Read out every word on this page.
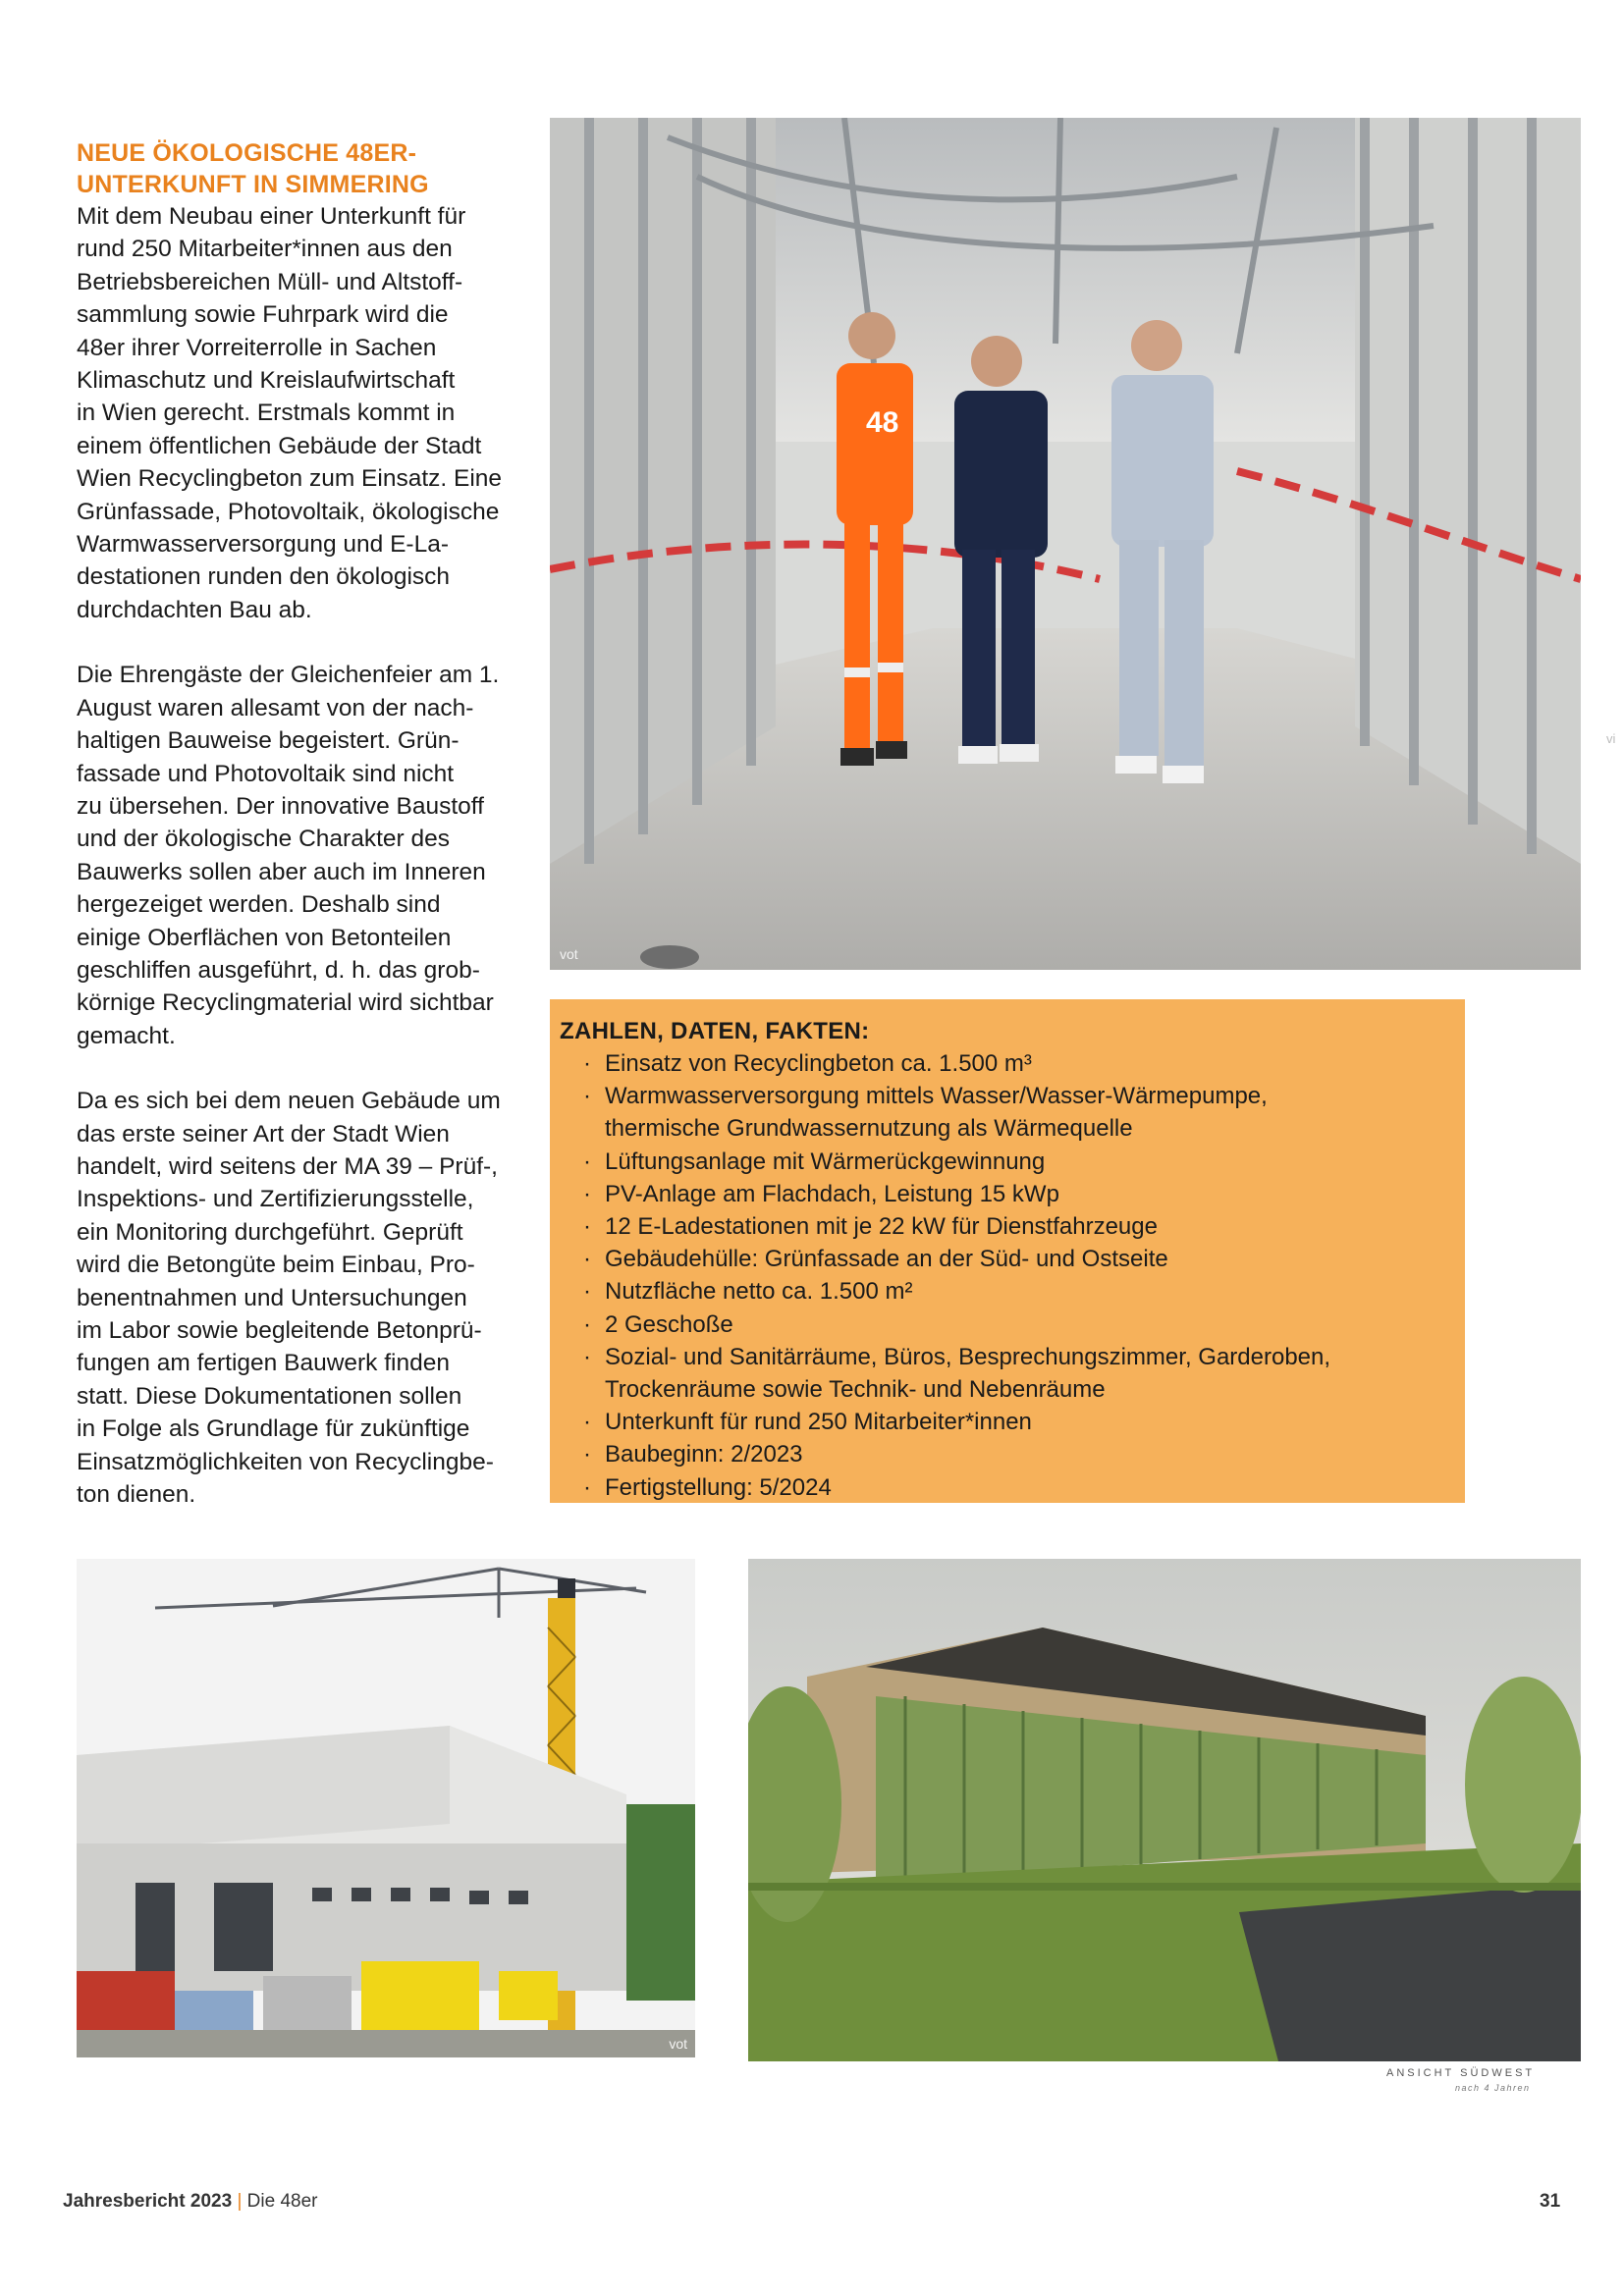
NEUE ÖKOLOGISCHE 48ER-

UNTERKUNFT IN SIMMERING

Mit dem Neubau einer Unterkunft für

rund 250 Mitarbeiter*innen aus den

Betriebsbereichen Müll- und Altstoff-

sammlung sowie Fuhrpark wird die

48er ihrer Vorreiterrolle in Sachen

Klimaschutz und Kreislaufwirtschaft

in Wien gerecht. Erstmals kommt in

einem öffentlichen Gebäude der Stadt

Wien Recyclingbeton zum Einsatz. Eine

Grünfassade, Photovoltaik, ökologische

Warmwasserversorgung und E-La-

destationen runden den ökologisch

durchdachten Bau ab.

Die Ehrengäste der Gleichenfeier am 1.

August waren allesamt von der nach-

haltigen Bauweise begeistert. Grün-

fassade und Photovoltaik sind nicht

zu übersehen. Der innovative Baustoff

und der ökologische Charakter des

Bauwerks sollen aber auch im Inneren

hergezeiget werden. Deshalb sind

einige Oberflächen von Betonteilen

geschliffen ausgeführt, d. h. das grob-

körnige Recyclingmaterial wird sichtbar

gemacht.

Da es sich bei dem neuen Gebäude um

das erste seiner Art der Stadt Wien

handelt, wird seitens der MA 39 – Prüf-,

Inspektions- und Zertifizierungsstelle,

ein Monitoring durchgeführt. Geprüft

wird die Betongüte beim Einbau, Pro-

benentnahmen und Untersuchungen

im Labor sowie begleitende Betonprü-

fungen am fertigen Bauwerk finden

statt. Diese Dokumentationen sollen

in Folge als Grundlage für zukünftige

Einsatzmöglichkeiten von Recyclingbe-

ton dienen.

48
vot
vi

ZAHLEN, DATEN, FAKTEN:

· Einsatz von Recyclingbeton ca. 1.500 m³
· Warmwasserversorgung mittels Wasser/Wasser-Wärmepumpe,
thermische Grundwassernutzung als Wärmequelle
· Lüftungsanlage mit Wärmerückgewinnung
· PV-Anlage am Flachdach, Leistung 15 kWp
· 12 E-Ladestationen mit je 22 kW für Dienstfahrzeuge
· Gebäudehülle: Grünfassade an der Süd- und Ostseite
· Nutzfläche netto ca. 1.500 m²
· 2 Geschoße
· Sozial- und Sanitärräume, Büros, Besprechungszimmer, Garderoben,
Trockenräume sowie Technik- und Nebenräume
· Unterkunft für rund 250 Mitarbeiter*innen
· Baubeginn: 2/2023
· Fertigstellung: 5/2024
vot
ANSICHT SÜDWEST
nach 4 Jahren
Jahresbericht 2023 | Die 48er	31
